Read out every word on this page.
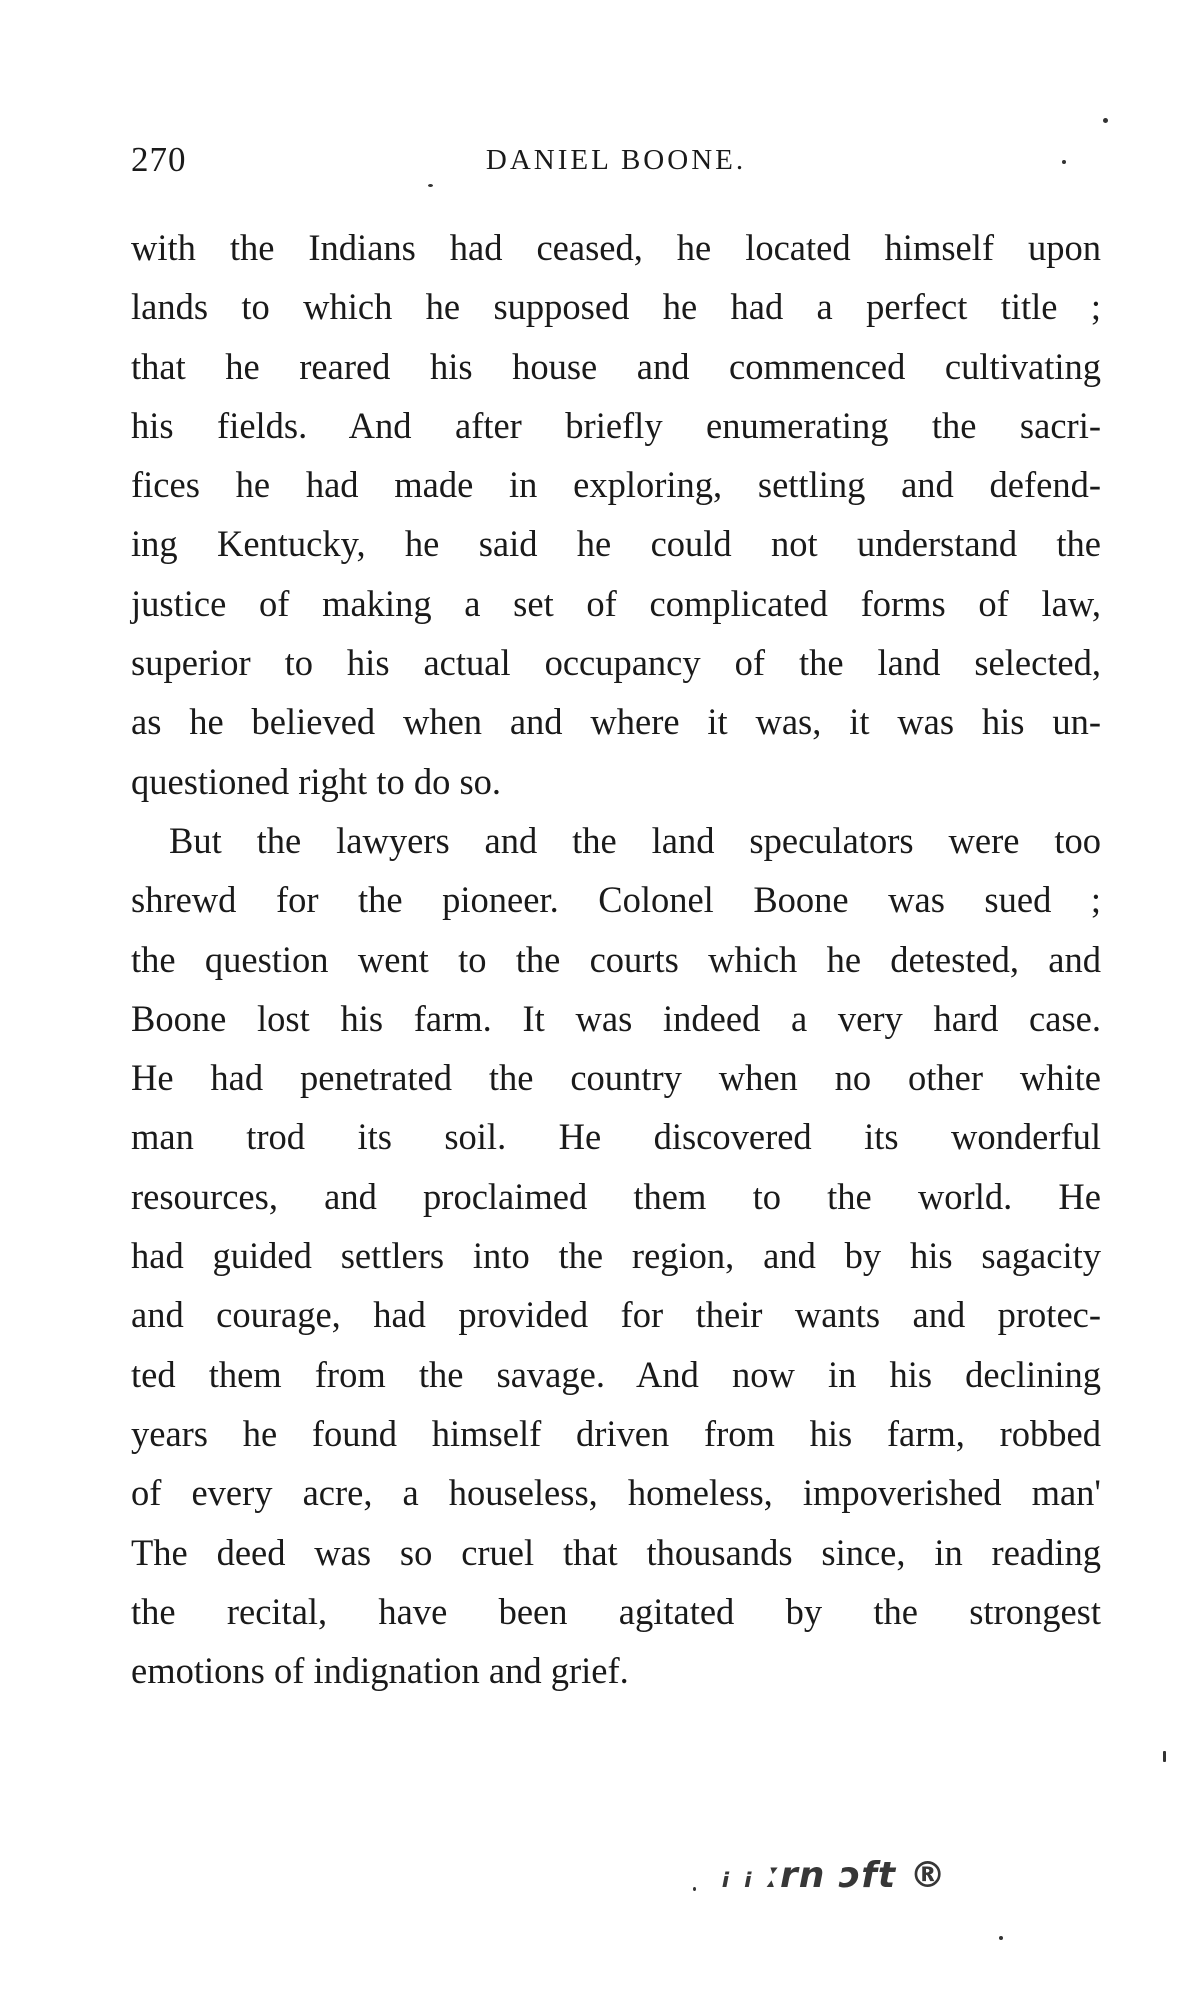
270	DANIEL BOONE.
with the Indians had ceased, he located himself upon
lands to which he supposed he had a perfect title ;
that he reared his house and commenced cultivating
his fields. And after briefly enumerating the sacri-
fices he had made in exploring, settling and defend-
ing Kentucky, he said he could not understand the
justice of making a set of complicated forms of law,
superior to his actual occupancy of the land selected,
as he believed when and where it was, it was his un-
questioned right to do so.
But the lawyers and the land speculators were too
shrewd for the pioneer. Colonel Boone was sued ;
the question went to the courts which he detested, and
Boone lost his farm. It was indeed a very hard case.
He had penetrated the country when no other white
man trod its soil. He discovered its wonderful
resources, and proclaimed them to the world. He
had guided settlers into the region, and by his sagacity
and courage, had provided for their wants and protec-
ted them from the savage. And now in his declining
years he found himself driven from his farm, robbed
of every acre, a houseless, homeless, impoverished man'
The deed was so cruel that thousands since, in reading
the recital, have been agitated by the strongest
emotions of indignation and grief.
ᵢ ᵢ ːrn ɔft ®
